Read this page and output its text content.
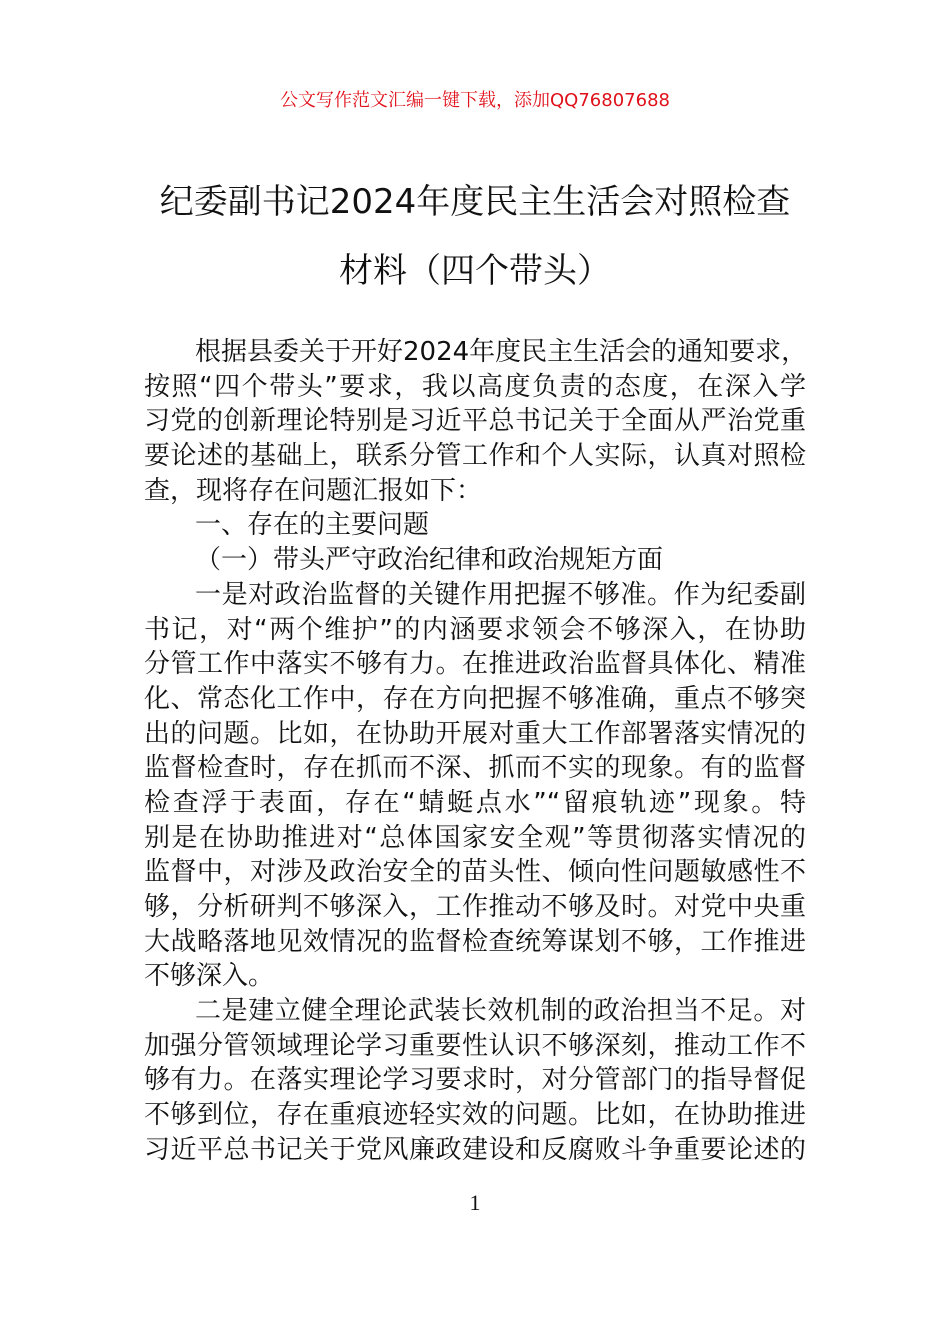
公文写作范文汇编一键下载，添加QQ76807688
纪委副书记2024年度民主生活会对照检查
材料（四个带头）
根据县委关于开好2024年度民主生活会的通知要求，
按照“四个带头”要求，我以高度负责的态度，在深入学
习党的创新理论特别是习近平总书记关于全面从严治党重
要论述的基础上，联系分管工作和个人实际，认真对照检
查，现将存在问题汇报如下：
一、存在的主要问题
（一）带头严守政治纪律和政治规矩方面
一是对政治监督的关键作用把握不够准。作为纪委副
书记，对“两个维护”的内涵要求领会不够深入，在协助
分管工作中落实不够有力。在推进政治监督具体化、精准
化、常态化工作中，存在方向把握不够准确，重点不够突
出的问题。比如，在协助开展对重大工作部署落实情况的
监督检查时，存在抓而不深、抓而不实的现象。有的监督
检查浮于表面，存在“蜻蜓点水”“留痕轨迹”现象。特
别是在协助推进对“总体国家安全观”等贯彻落实情况的
监督中，对涉及政治安全的苗头性、倾向性问题敏感性不
够，分析研判不够深入，工作推动不够及时。对党中央重
大战略落地见效情况的监督检查统筹谋划不够，工作推进
不够深入。
二是建立健全理论武装长效机制的政治担当不足。对
加强分管领域理论学习重要性认识不够深刻，推动工作不
够有力。在落实理论学习要求时，对分管部门的指导督促
不够到位，存在重痕迹轻实效的问题。比如，在协助推进
习近平总书记关于党风廉政建设和反腐败斗争重要论述的
1
